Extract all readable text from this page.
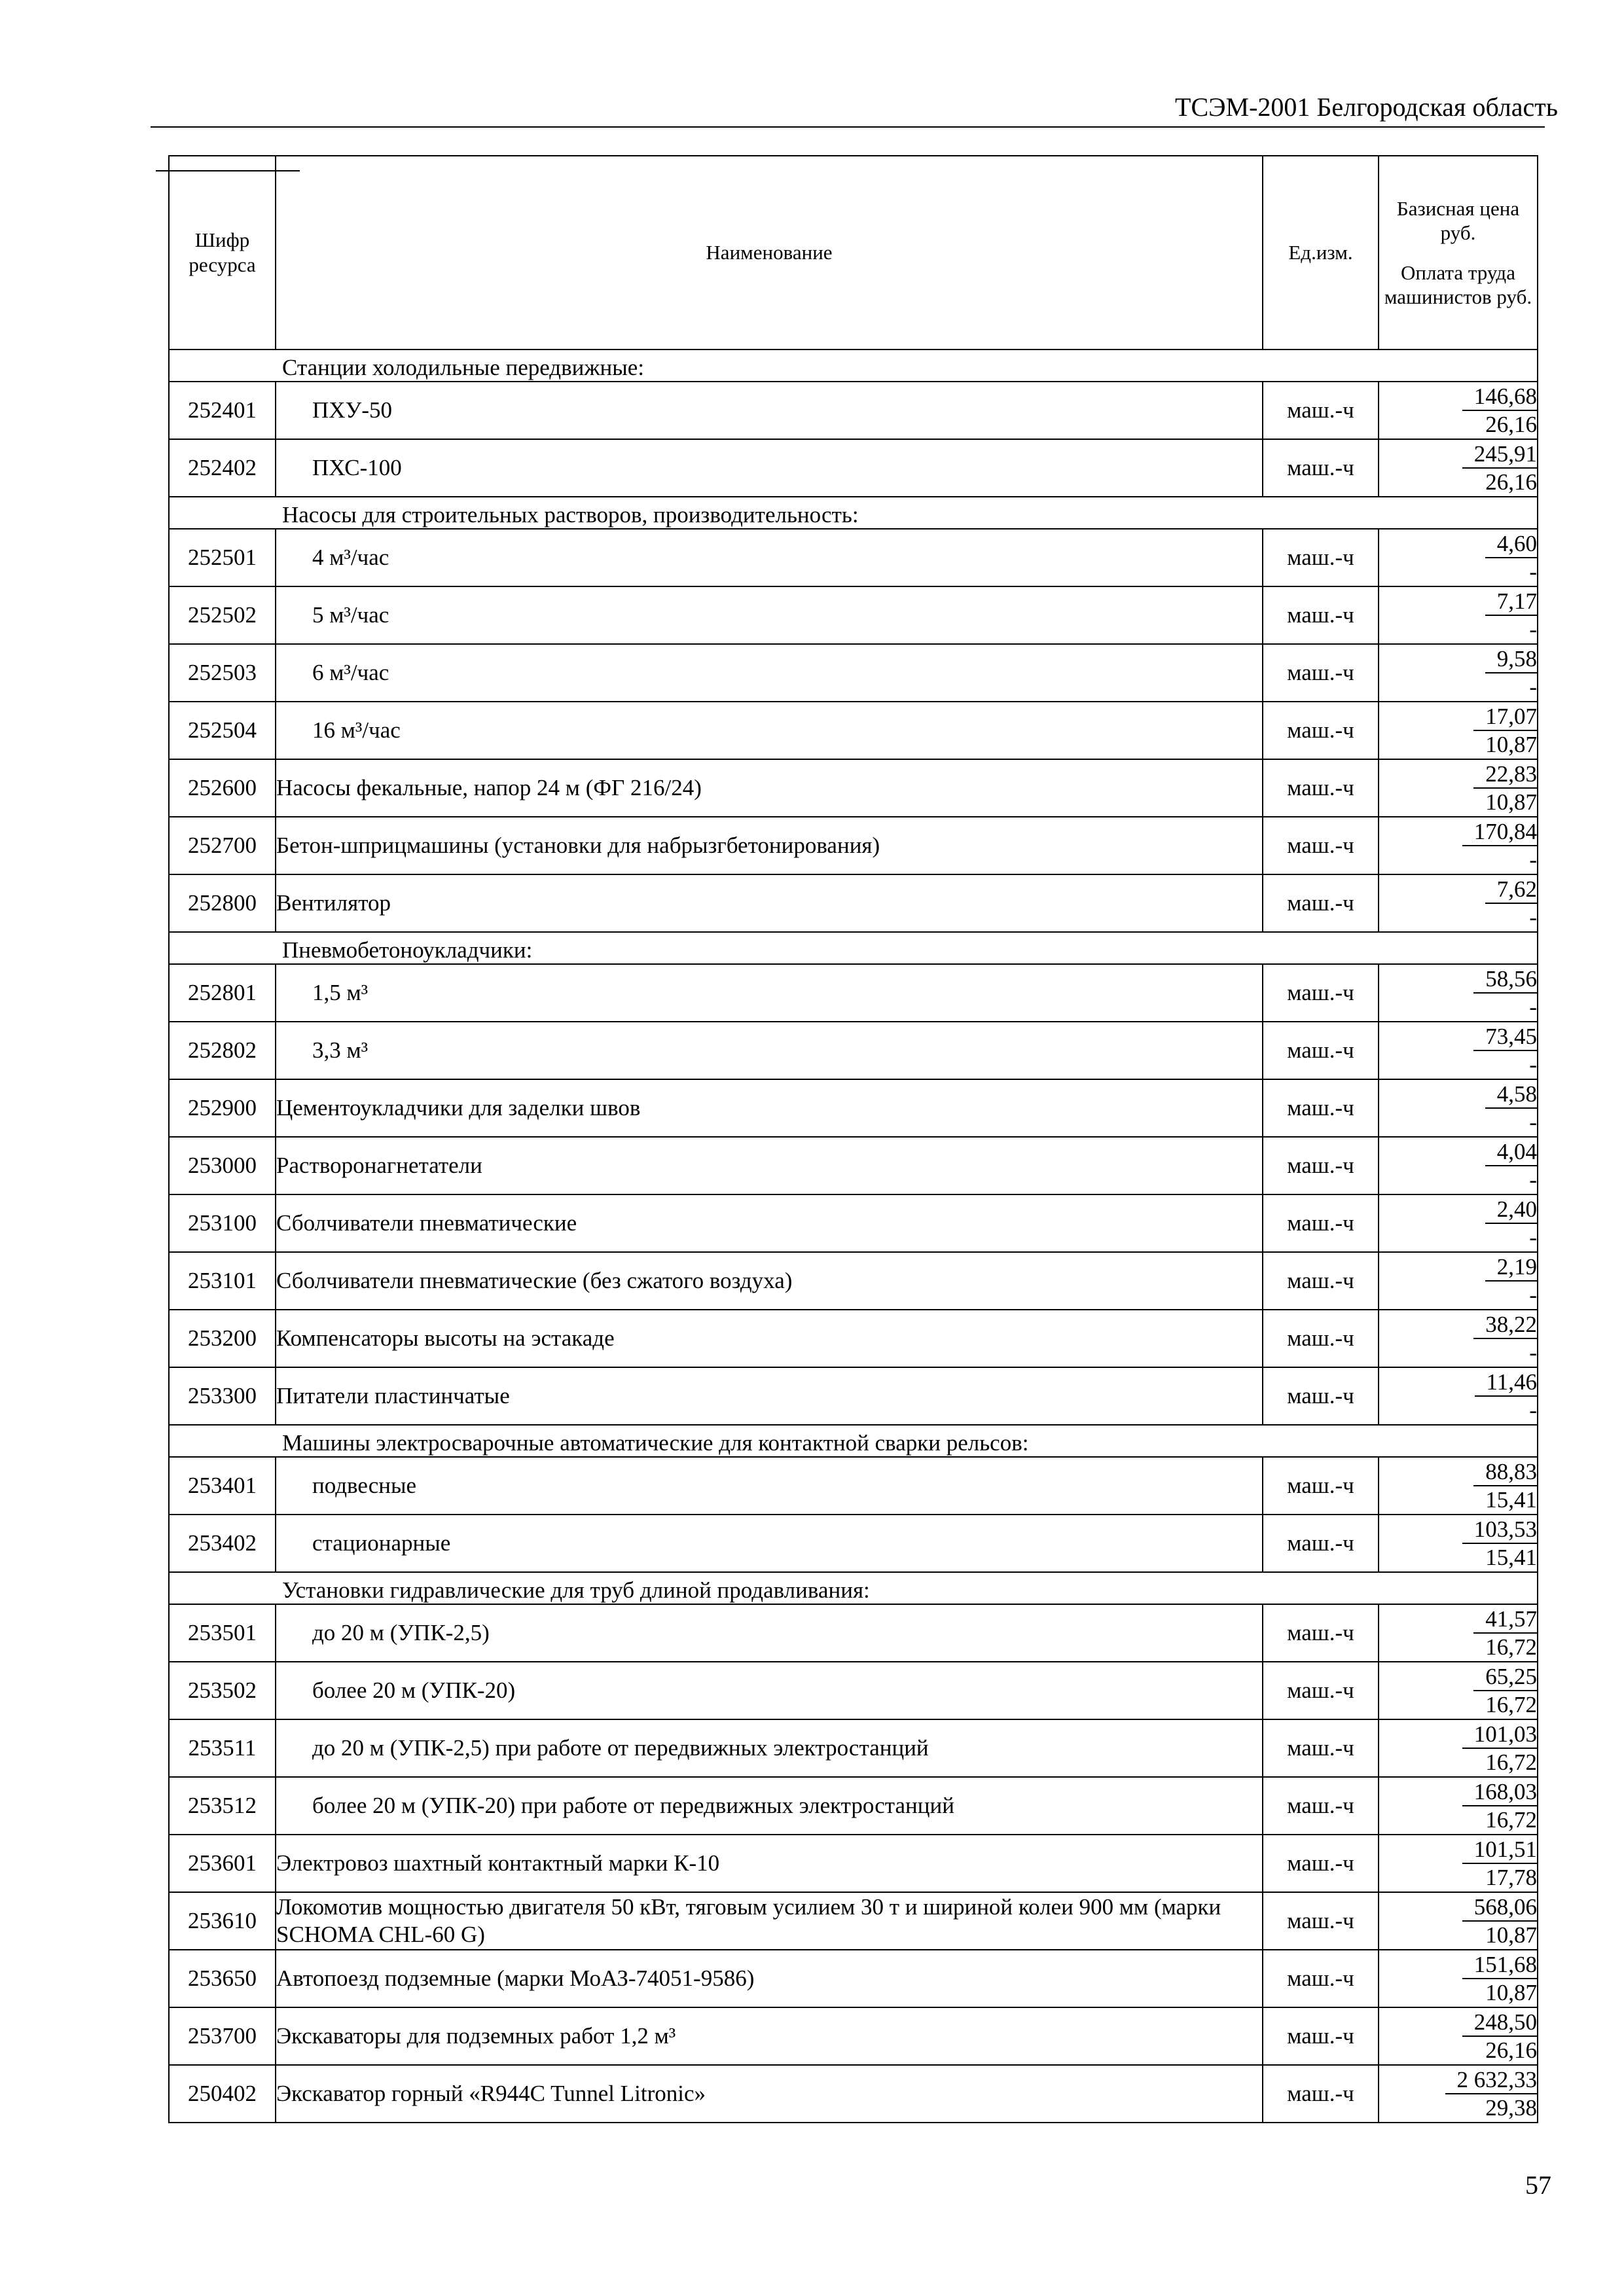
ТСЭМ-2001 Белгородская область
Шифр ресурса	Наименование	Ед.изм.	Базисная цена руб.
Оплата труда машинистов руб.

Станции холодильные передвижные:			
252401	ПХУ-50	маш.-ч	146,68
26,16

252402	ПХС-100	маш.-ч	245,91
26,16

Насосы для строительных растворов, производительность:			
252501	4 м³/час	маш.-ч	4,60
-

252502	5 м³/час	маш.-ч	7,17
-

252503	6 м³/час	маш.-ч	9,58
-

252504	16 м³/час	маш.-ч	17,07
10,87

252600	Насосы фекальные, напор 24 м (ФГ 216/24)	маш.-ч	22,83
10,87

252700	Бетон-шприцмашины (установки для набрызгбетонирования)	маш.-ч	170,84
-

252800	Вентилятор	маш.-ч	7,62
-

Пневмобетоноукладчики:			
252801	1,5 м³	маш.-ч	58,56
-

252802	3,3 м³	маш.-ч	73,45
-

252900	Цементоукладчики для заделки швов	маш.-ч	4,58
-

253000	Растворонагнетатели	маш.-ч	4,04
-

253100	Сболчиватели пневматические	маш.-ч	2,40
-

253101	Сболчиватели пневматические (без сжатого воздуха)	маш.-ч	2,19
-

253200	Компенсаторы высоты на эстакаде	маш.-ч	38,22
-

253300	Питатели пластинчатые	маш.-ч	11,46
-

Машины электросварочные автоматические для контактной сварки рельсов:			
253401	подвесные	маш.-ч	88,83
15,41

253402	стационарные	маш.-ч	103,53
15,41

Установки гидравлические для труб длиной продавливания:			
253501	до 20 м (УПК-2,5)	маш.-ч	41,57
16,72

253502	более 20 м (УПК-20)	маш.-ч	65,25
16,72

253511	до 20 м (УПК-2,5) при работе от передвижных электростанций	маш.-ч	101,03
16,72

253512	более 20 м (УПК-20) при работе от передвижных электростанций	маш.-ч	168,03
16,72

253601	Электровоз шахтный контактный марки К-10	маш.-ч	101,51
17,78

253610	Локомотив мощностью двигателя 50 кВт, тяговым усилием 30 т и шириной колеи 900 мм (марки SCHOMA CHL-60 G)	маш.-ч	568,06
10,87

253650	Автопоезд подземные (марки МоАЗ-74051-9586)	маш.-ч	151,68
10,87

253700	Экскаваторы для подземных работ 1,2 м³	маш.-ч	248,50
26,16

250402	Экскаватор горный «R944C Tunnel Litronic»	маш.-ч	2 632,33
29,38
57
